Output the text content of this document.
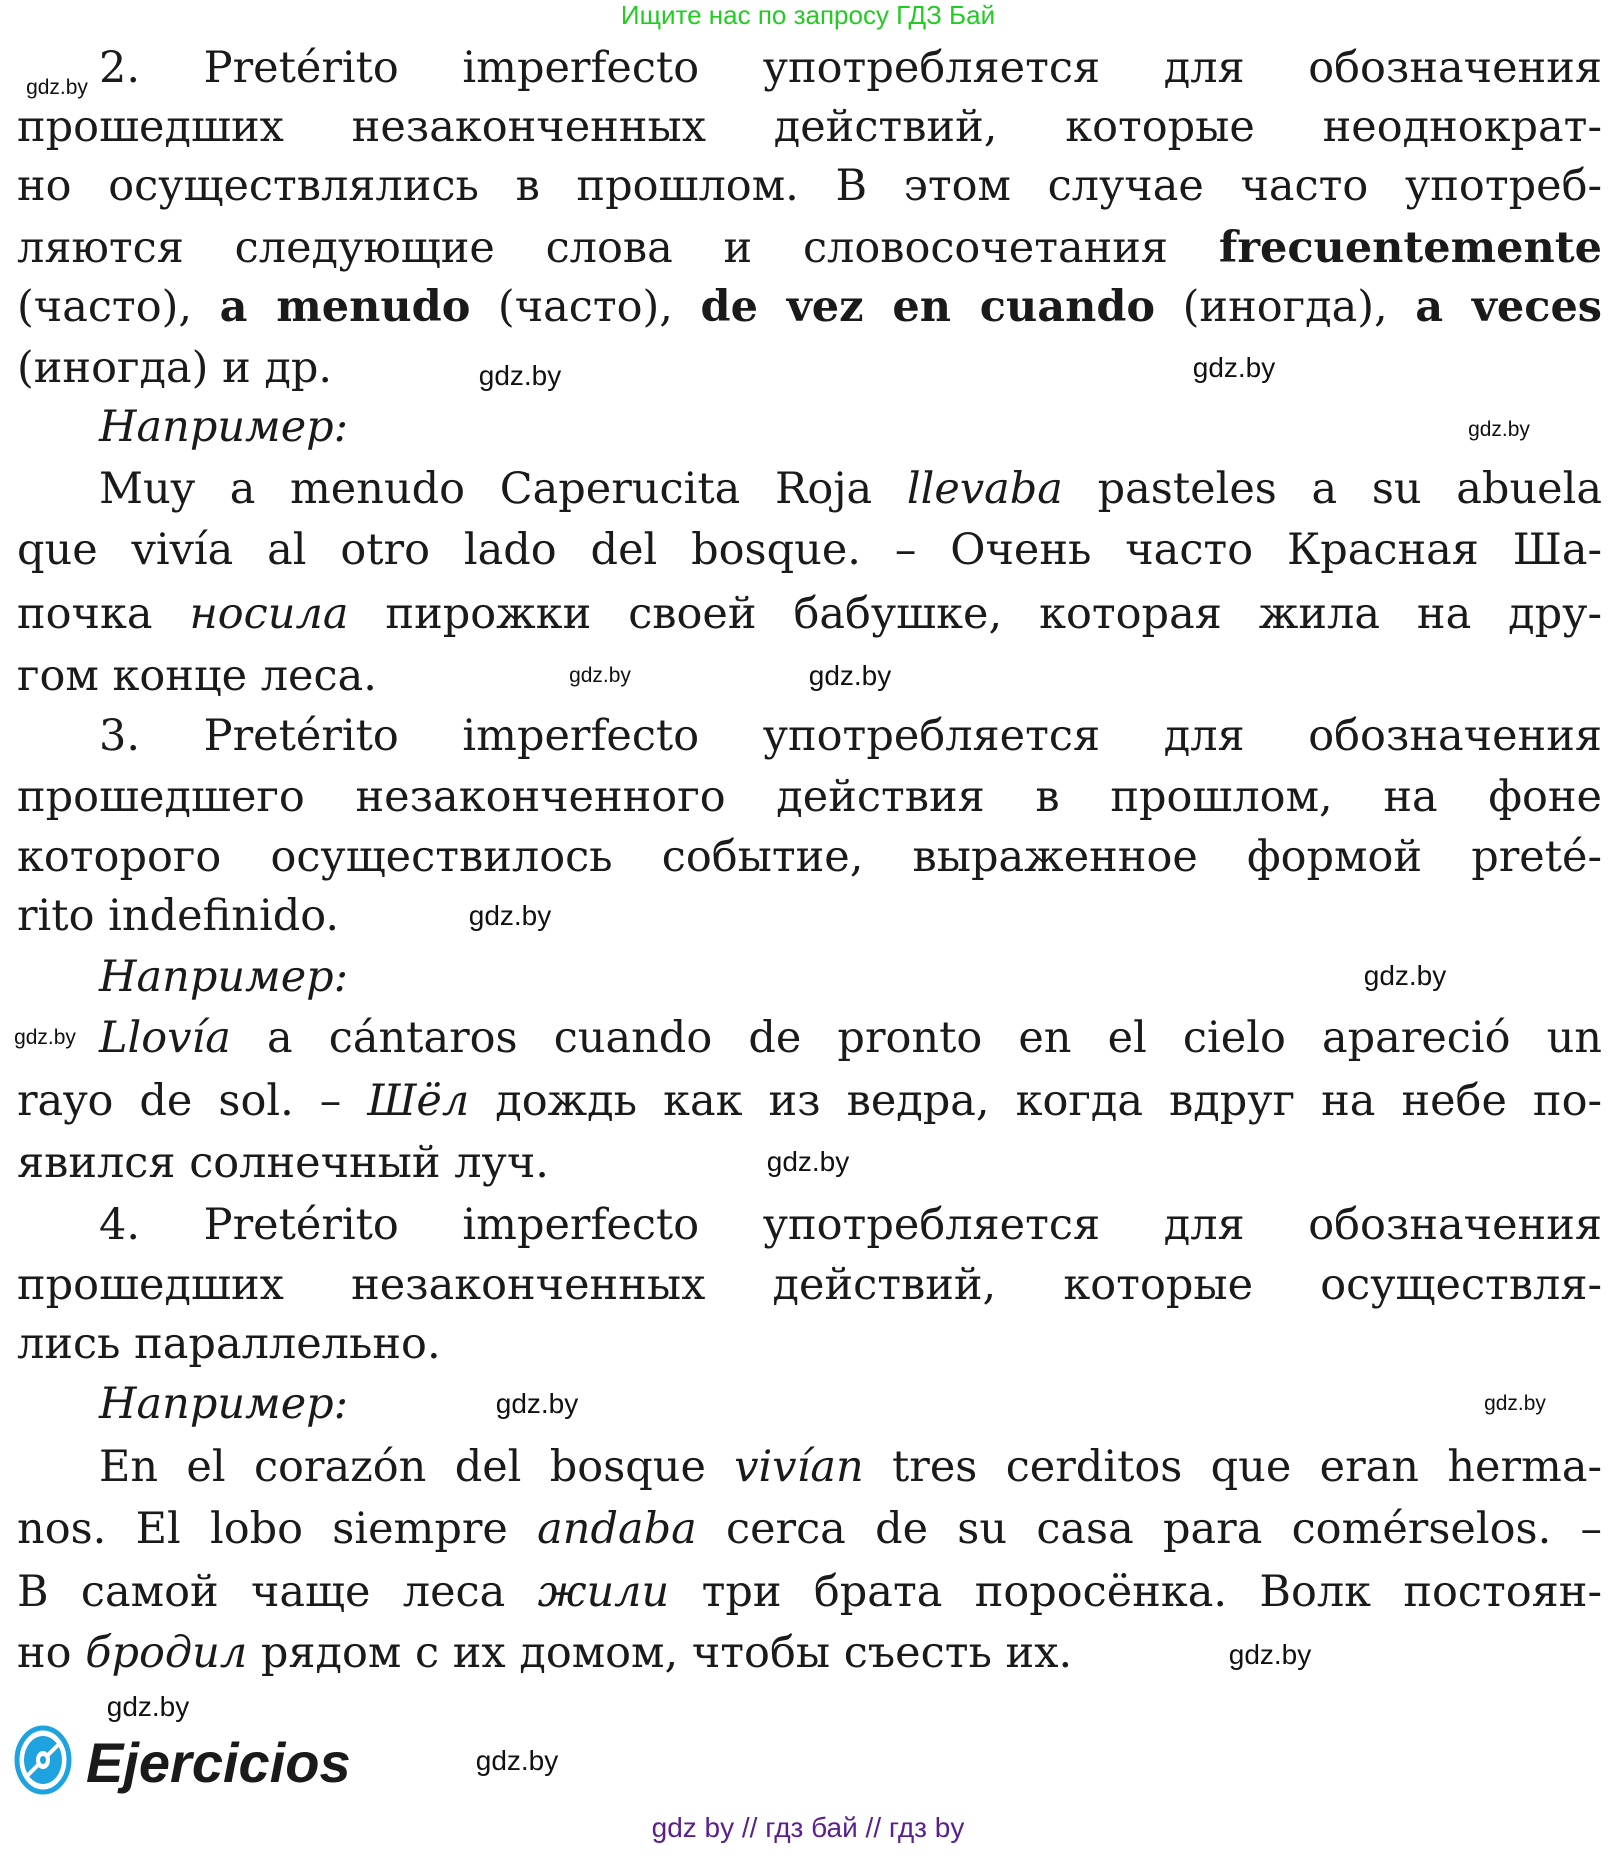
Ищите нас по запросу ГДЗ Бай
2. Pretérito imperfecto употребляется для обозначения
прошедших незаконченных действий, которые неоднократ-
но осуществлялись в прошлом. В этом случае часто употреб-
ляются следующие слова и словосочетания frecuentemente
(часто), a menudo (часто), de vez en cuando (иногда), a veces
(иногда) и др.
Например:
Muy a menudo Caperucita Roja llevaba pasteles a su abuela
que vivía al otro lado del bosque. – Очень часто Красная Ша-
почка носила пирожки своей бабушке, которая жила на дру-
гом конце леса.
3. Pretérito imperfecto употребляется для обозначения
прошедшего незаконченного действия в прошлом, на фоне
которого осуществилось событие, выраженное формой preté-
rito indefinido.
Например:
Llovía a cántaros cuando de pronto en el cielo apareció un
rayo de sol. – Шёл дождь как из ведра, когда вдруг на небе по-
явился солнечный луч.
4. Pretérito imperfecto употребляется для обозначения
прошедших незаконченных действий, которые осуществля-
лись параллельно.
Например:
En el corazón del bosque vivían tres cerditos que eran herma-
nos. El lobo siempre andaba cerca de su casa para comérselos. –
В самой чаще леса жили три брата поросёнка. Волк постоян-
но бродил рядом с их домом, чтобы съесть их.
gdz.by
gdz.by
gdz.by
gdz.by
gdz.by	gdz.by
gdz.by
gdz.by
gdz.by
gdz.by
gdz.by	gdz.by
gdz.by
gdz.by
gdz.by
Ejercicios
gdz by // гдз бай // гдз by
